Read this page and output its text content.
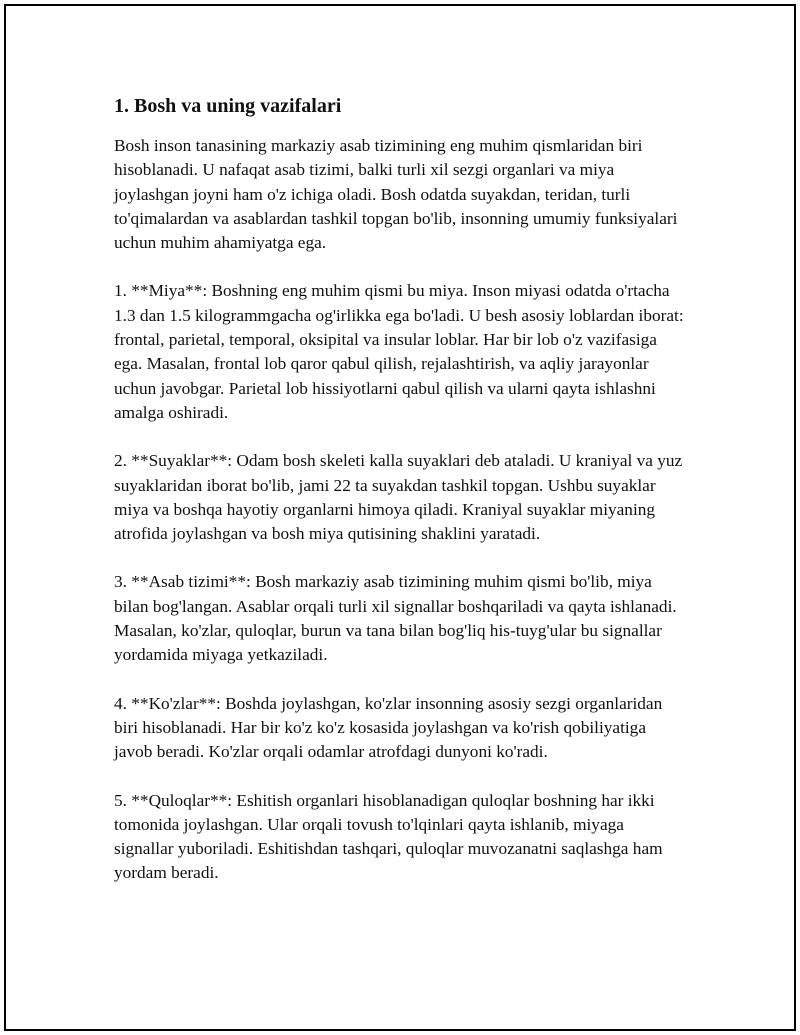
1. Bosh va uning vazifalari

Bosh inson tanasining markaziy asab tizimining eng muhim qismlaridan biri hisoblanadi. U nafaqat asab tizimi, balki turli xil sezgi organlari va miya joylashgan joyni ham o'z ichiga oladi. Bosh odatda suyakdan, teridan, turli to'qimalardan va asablardan tashkil topgan bo'lib, insonning umumiy funksiyalari uchun muhim ahamiyatga ega.

1. **Miya**: Boshning eng muhim qismi bu miya. Inson miyasi odatda o'rtacha 1.3 dan 1.5 kilogrammgacha og'irlikka ega bo'ladi. U besh asosiy loblardan iborat: frontal, parietal, temporal, oksipital va insular loblar. Har bir lob o'z vazifasiga ega. Masalan, frontal lob qaror qabul qilish, rejalashtirish, va aqliy jarayonlar uchun javobgar. Parietal lob hissiyotlarni qabul qilish va ularni qayta ishlashni amalga oshiradi.

2. **Suyaklar**: Odam bosh skeleti kalla suyaklari deb ataladi. U kraniyal va yuz suyaklaridan iborat bo'lib, jami 22 ta suyakdan tashkil topgan. Ushbu suyaklar miya va boshqa hayotiy organlarni himoya qiladi. Kraniyal suyaklar miyaning atrofida joylashgan va bosh miya qutisining shaklini yaratadi.

3. **Asab tizimi**: Bosh markaziy asab tizimining muhim qismi bo'lib, miya bilan bog'langan. Asablar orqali turli xil signallar boshqariladi va qayta ishlanadi. Masalan, ko'zlar, quloqlar, burun va tana bilan bog'liq his-tuyg'ular bu signallar yordamida miyaga yetkaziladi.

4. **Ko'zlar**: Boshda joylashgan, ko'zlar insonning asosiy sezgi organlaridan biri hisoblanadi. Har bir ko'z ko'z kosasida joylashgan va ko'rish qobiliyatiga javob beradi. Ko'zlar orqali odamlar atrofdagi dunyoni ko'radi.

5. **Quloqlar**: Eshitish organlari hisoblanadigan quloqlar boshning har ikki tomonida joylashgan. Ular orqali tovush to'lqinlari qayta ishlanib, miyaga signallar yuboriladi. Eshitishdan tashqari, quloqlar muvozanatni saqlashga ham yordam beradi.
